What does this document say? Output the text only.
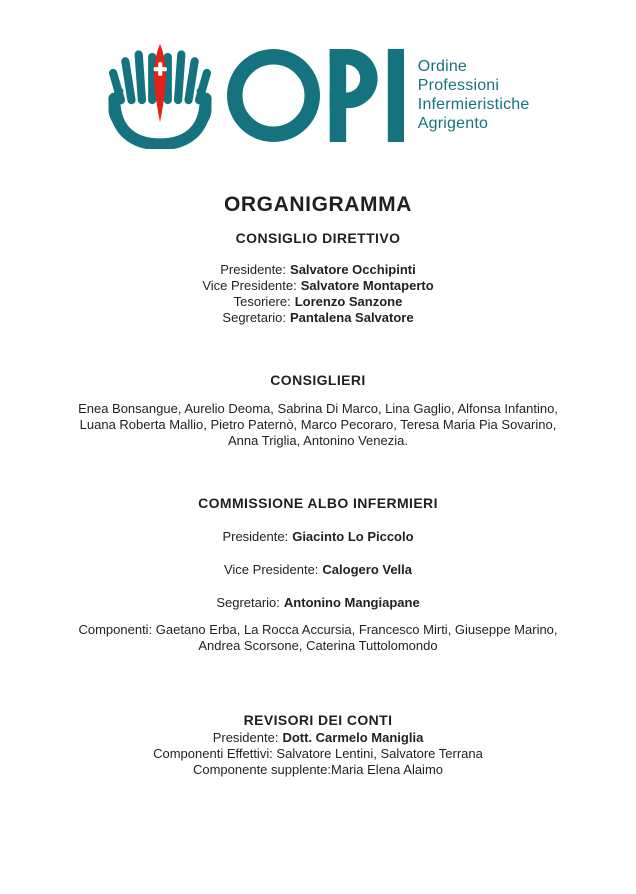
Ordine
Professioni
Infermieristiche
Agrigento
ORGANIGRAMMA
CONSIGLIO DIRETTIVO
Presidente: Salvatore Occhipinti
Vice Presidente: Salvatore Montaperto
Tesoriere: Lorenzo Sanzone
Segretario: Pantalena Salvatore
CONSIGLIERI
Enea Bonsangue, Aurelio Deoma, Sabrina Di Marco, Lina Gaglio, Alfonsa Infantino,
Luana Roberta Mallio, Pietro Paternò, Marco Pecoraro, Teresa Maria Pia Sovarino,
Anna Triglia, Antonino Venezia.
COMMISSIONE ALBO INFERMIERI
Presidente: Giacinto Lo Piccolo
Vice Presidente: Calogero Vella
Segretario: Antonino Mangiapane
Componenti: Gaetano Erba, La Rocca Accursia, Francesco Mirti, Giuseppe Marino,
Andrea Scorsone, Caterina Tuttolomondo
REVISORI DEI CONTI
Presidente: Dott. Carmelo Maniglia
Componenti Effettivi: Salvatore Lentini, Salvatore Terrana
Componente supplente:Maria Elena Alaimo
